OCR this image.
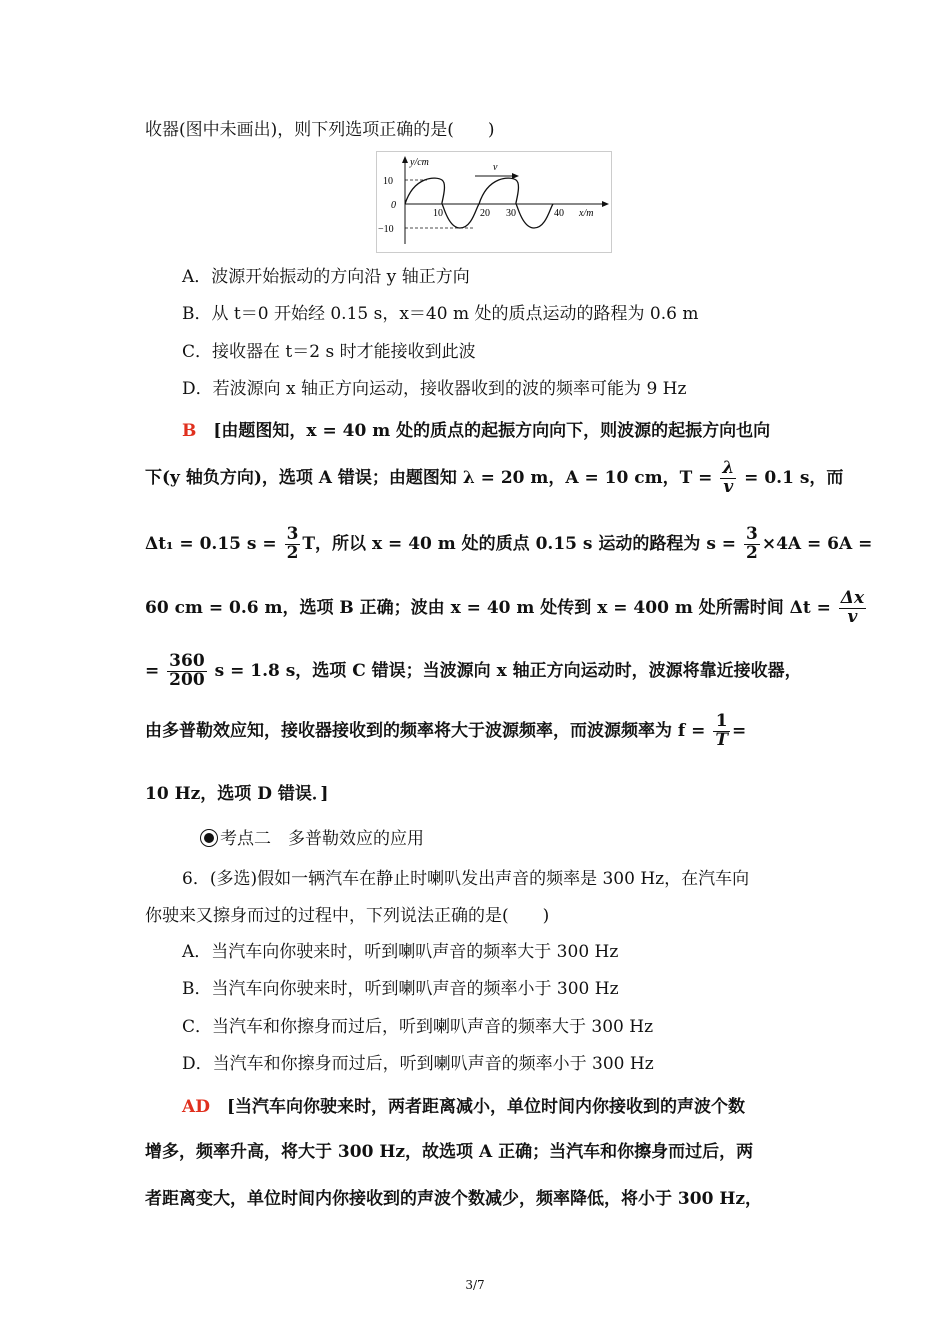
收器(图中未画出)，则下列选项正确的是(　　)
y/cm	v
10
0
−10
10	20 30	40 x/m
A．波源开始振动的方向沿 y 轴正方向
B．从 t＝0 开始经 0.15 s，x＝40 m 处的质点运动的路程为 0.6 m
C．接收器在 t＝2 s 时才能接收到此波
D．若波源向 x 轴正方向运动，接收器收到的波的频率可能为 9 Hz
B　 [由题图知，x = 40 m 处的质点的起振方向向下，则波源的起振方向也向
下(y 轴负方向)，选项 A 错误；由题图知 λ = 20 m，A = 10 cm，$T = \frac{\lambda}{v} = 0.1$ s，而
Δt₁ = 0.15 $s = \frac{3}{2}$ T，所以 x = 40 m 处的质点 0.15 s 运动的路程为 $s = \frac{3}{2} \times 4A = 6A$ =
60 cm = 0.6 m，选项 B 正确；波由 x = 40 m 处传到 x = 400 m 处所需时间 $\Delta t = \frac{\Delta x}{v}$
= $\frac{360}{200}$ s = 1.8 s，选项 C 错误；当波源向 x 轴正方向运动时，波源将靠近接收器，
由多普勒效应知，接收器接收到的频率将大于波源频率，而波源频率为 $f = \frac{1}{T}$ =
10 Hz，选项 D 错误．]
考点二　多普勒效应的应用
6．(多选)假如一辆汽车在静止时喇叭发出声音的频率是 300 Hz，在汽车向
你驶来又擦身而过的过程中，下列说法正确的是(　　)
A．当汽车向你驶来时，听到喇叭声音的频率大于 300 Hz
B．当汽车向你驶来时，听到喇叭声音的频率小于 300 Hz
C．当汽车和你擦身而过后，听到喇叭声音的频率大于 300 Hz
D．当汽车和你擦身而过后，听到喇叭声音的频率小于 300 Hz
AD　 [当汽车向你驶来时，两者距离减小，单位时间内你接收到的声波个数
增多，频率升高，将大于 300 Hz，故选项 A 正确；当汽车和你擦身而过后，两
者距离变大，单位时间内你接收到的声波个数减少，频率降低，将小于 300 Hz，
3/7
